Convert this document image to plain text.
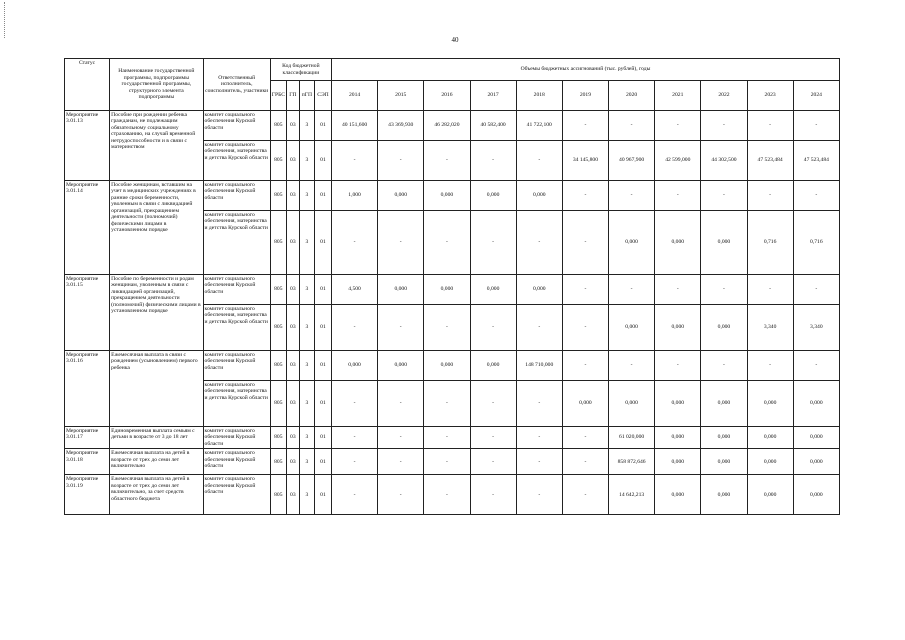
40
Статус	Наименование государственной программы, подпрограммы государственной программы, структурного элемента подпрограммы	Ответственный исполнитель, соисполнитель, участники	Код бюджетной классификации				Объемы бюджетных ассигнований (тыс. рублей), годы										
			ГРБС	ГП	пГП	СЭП	2014	2015	2016	2017	2018	2019	2020	2021	2022	2023	2024
Мероприятие 3.01.13	Пособие при рождении ребенка гражданам, не подлежащим обязательному социальному страхованию, на случай временной нетрудоспособности и в связи с материнством	комитет социального обеспечения Курской области	805	03	3	01	40 151,600	43 369,930	46 282,020	40 582,400	41 722,100	-	-	-	-	-	-
		комитет социального обеспечения, материнства и детства Курской области	805	03	3	01	-	-	-	-	-	34 145,800	40 967,900	42 599,000	44 302,500	47 523,484	47 523,484
Мероприятие 3.01.14	Пособие женщинам, вставшим на учет в медицинских учреждениях в ранние сроки беременности, уволенным в связи с ликвидацией организаций, прекращением деятельности (полномочий) физическими лицами в установленном порядке	комитет социального обеспечения Курской области	805	03	3	01	1,000	0,000	0,000	0,000	0,000	-	-	-	-	-	-
		комитет социального обеспечения, материнства и детства Курской области	805	03	3	01	-	-	-	-	-	-	0,000	0,000	0,000	0,716	0,716
Мероприятие 3.01.15	Пособие по беременности и родам женщинам, уволенным в связи с ликвидацией организаций, прекращением деятельности (полномочий) физическими лицами в установленном порядке	комитет социального обеспечения Курской области	805	03	3	01	4,500	0,000	0,000	0,000	0,000	-	-	-	-	-	-
		комитет социального обеспечения, материнства и детства Курской области	805	03	3	01	-	-	-	-	-	-	0,000	0,000	0,000	3,340	3,340
Мероприятие 3.01.16	Ежемесячная выплата в связи с рождением (усыновлением) первого ребенка	комитет социального обеспечения Курской области	805	03	3	01	0,000	0,000	0,000	0,000	148 710,000	-	-	-	-	-	-
		комитет социального обеспечения, материнства и детства Курской области	805	03	3	01	-	-	-	-	-	0,000	0,000	0,000	0,000	0,000	0,000
Мероприятие 3.01.17	Единовременная выплата семьям с детьми в возрасте от 3 до 18 лет	комитет социального обеспечения Курской области	805	03	3	01	-	-	-	-	-	-	61 020,000	0,000	0,000	0,000	0,000
Мероприятие 3.01.18	Ежемесячная выплата на детей в возрасте от трех до семи лет включительно	комитет социального обеспечения Курской области	805	03	3	01	-	-	-	-	-	-	858 872,646	0,000	0,000	0,000	0,000
Мероприятие 3.01.19	Ежемесячная выплата на детей в возрасте от трех до семи лет включительно, за счет средств областного бюджета	комитет социального обеспечения Курской области	805	03	3	01	-	-	-	-	-	-	14 642,213	0,000	0,000	0,000	0,000
